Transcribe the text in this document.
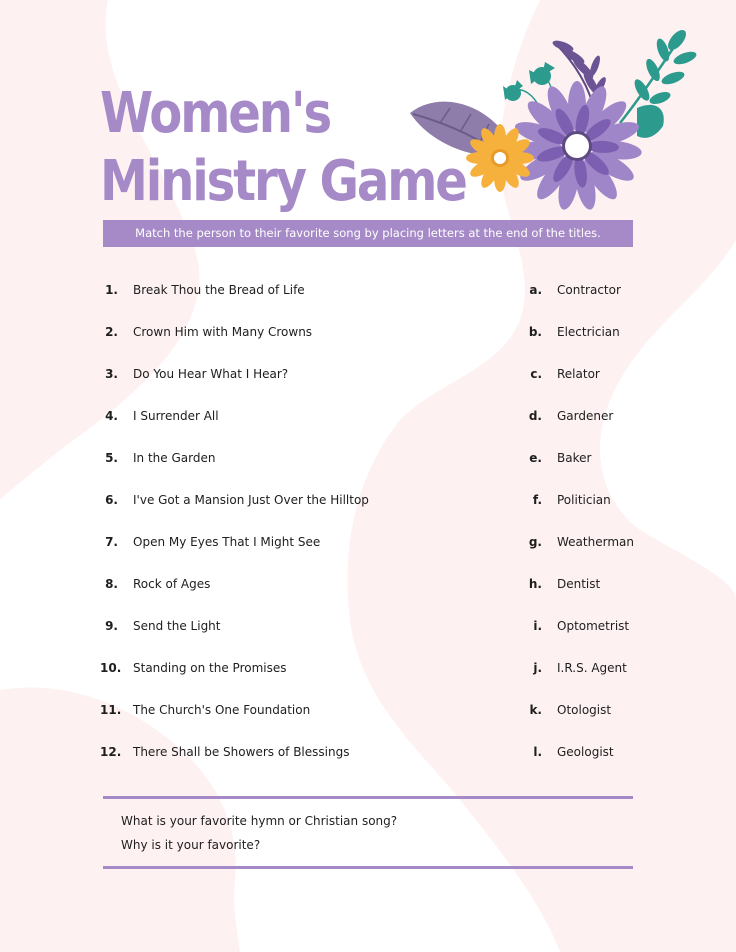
Women's
Ministry Game
Match the person to their favorite song by placing letters at the end of the titles.
1. Break Thou the Bread of Life
2. Crown Him with Many Crowns
3. Do You Hear What I Hear?
4. I Surrender All
5. In the Garden
6. I've Got a Mansion Just Over the Hilltop
7. Open My Eyes That I Might See
8. Rock of Ages
9. Send the Light
10. Standing on the Promises
11. The Church's One Foundation
12. There Shall be Showers of Blessings
a. Contractor
b. Electrician
c. Relator
d. Gardener
e. Baker
f. Politician
g. Weatherman
h. Dentist
i. Optometrist
j. I.R.S. Agent
k. Otologist
l. Geologist
What is your favorite hymn or Christian song?
Why is it your favorite?
